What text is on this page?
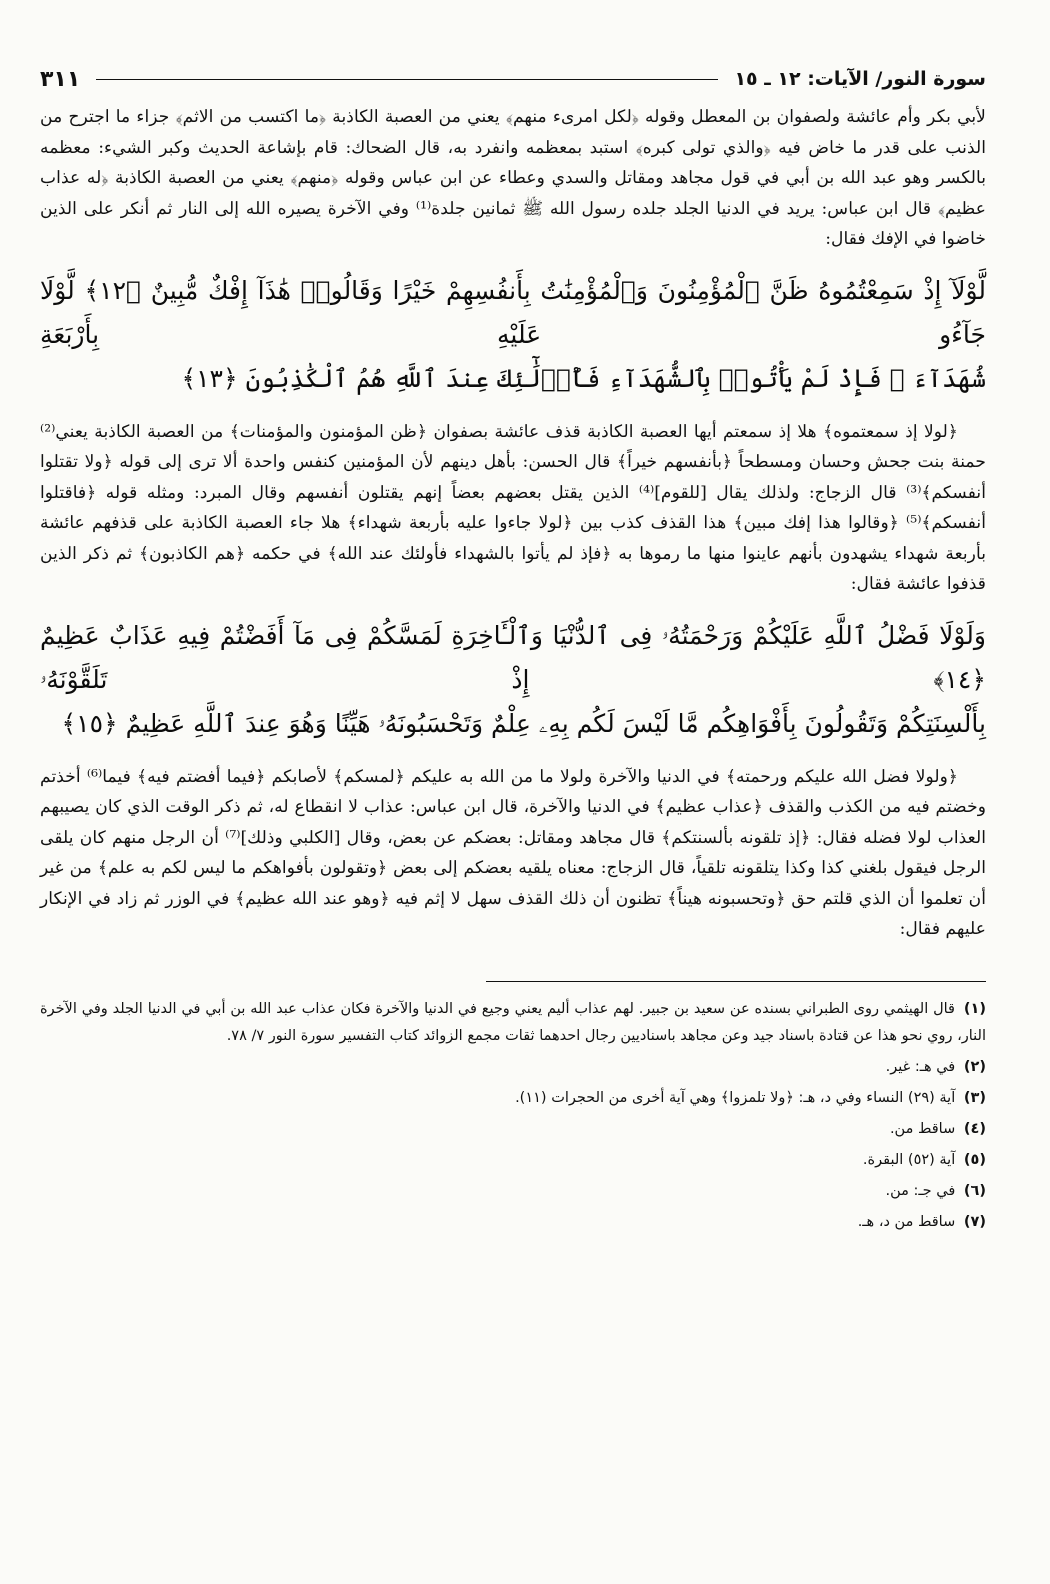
سورة النور/ الآيات: ١٢ ـ ١٥
٣١١

لأبي بكر وأم عائشة ولصفوان بن المعطل وقوله ﴿لكل امرىء منهم﴾ يعني من العصبة الكاذبة ﴿ما اكتسب من الاثم﴾ جزاء ما اجترح من الذنب على قدر ما خاض فيه ﴿والذي تولى كبره﴾ استبد بمعظمه وانفرد به، قال الضحاك: قام بإشاعة الحديث وكبر الشيء: معظمه بالكسر وهو عبد الله بن أبي في قول مجاهد ومقاتل والسدي وعطاء عن ابن عباس وقوله ﴿منهم﴾ يعني من العصبة الكاذبة ﴿له عذاب عظيم﴾ قال ابن عباس: يريد في الدنيا الجلد جلده رسول الله ﷺ ثمانين جلدة⁽¹⁾ وفي الآخرة يصيره الله إلى النار ثم أنكر على الذين خاضوا في الإفك فقال:

لَّوْلَآ إِذْ سَمِعْتُمُوهُ ظَنَّ ٱلْمُؤْمِنُونَ وَٱلْمُؤْمِنَٰتُ بِأَنفُسِهِمْ خَيْرًا وَقَالُوا۟ هَٰذَآ إِفْكٌ مُّبِينٌ ﴿١٢﴾ لَّوْلَا جَآءُو عَلَيْهِ بِأَرْبَعَةِ
شُهَدَآءَ ۚ فَإِذْ لَمْ يَأْتُوا۟ بِٱلشُّهَدَآءِ فَأُو۟لَٰٓئِكَ عِندَ ٱللَّهِ هُمُ ٱلْكَٰذِبُونَ ﴿١٣﴾

﴿لولا إذ سمعتموه﴾ هلا إذ سمعتم أيها العصبة الكاذبة قذف عائشة بصفوان ﴿ظن المؤمنون والمؤمنات﴾ من العصبة الكاذبة يعني⁽²⁾ حمنة بنت جحش وحسان ومسطحاً ﴿بأنفسهم خيراً﴾ قال الحسن: بأهل دينهم لأن المؤمنين كنفس واحدة ألا ترى إلى قوله ﴿ولا تقتلوا أنفسكم﴾⁽³⁾ قال الزجاج: ولذلك يقال [للقوم]⁽⁴⁾ الذين يقتل بعضهم بعضاً إنهم يقتلون أنفسهم وقال المبرد: ومثله قوله ﴿فاقتلوا أنفسكم﴾⁽⁵⁾ ﴿وقالوا هذا إفك مبين﴾ هذا القذف كذب بين ﴿لولا جاءوا عليه بأربعة شهداء﴾ هلا جاء العصبة الكاذبة على قذفهم عائشة بأربعة شهداء يشهدون بأنهم عاينوا منها ما رموها به ﴿فإذ لم يأتوا بالشهداء فأولئك عند الله﴾ في حكمه ﴿هم الكاذبون﴾ ثم ذكر الذين قذفوا عائشة فقال:

وَلَوْلَا فَضْلُ ٱللَّهِ عَلَيْكُمْ وَرَحْمَتُهُۥ فِى ٱلدُّنْيَا وَٱلْـَٔاخِرَةِ لَمَسَّكُمْ فِى مَآ أَفَضْتُمْ فِيهِ عَذَابٌ عَظِيمٌ ﴿١٤﴾ إِذْ تَلَقَّوْنَهُۥ
بِأَلْسِنَتِكُمْ وَتَقُولُونَ بِأَفْوَاهِكُم مَّا لَيْسَ لَكُم بِهِۦ عِلْمٌ وَتَحْسَبُونَهُۥ هَيِّنًا وَهُوَ عِندَ ٱللَّهِ عَظِيمٌ ﴿١٥﴾

﴿ولولا فضل الله عليكم ورحمته﴾ في الدنيا والآخرة ولولا ما من الله به عليكم ﴿لمسكم﴾ لأصابكم ﴿فيما أفضتم فيه﴾ فيما⁽⁶⁾ أخذتم وخضتم فيه من الكذب والقذف ﴿عذاب عظيم﴾ في الدنيا والآخرة، قال ابن عباس: عذاب لا انقطاع له، ثم ذكر الوقت الذي كان يصيبهم العذاب لولا فضله فقال: ﴿إذ تلقونه بألسنتكم﴾ قال مجاهد ومقاتل: بعضكم عن بعض، وقال [الكلبي وذلك]⁽⁷⁾ أن الرجل منهم كان يلقى الرجل فيقول بلغني كذا وكذا يتلقونه تلقياً، قال الزجاج: معناه يلقيه بعضكم إلى بعض ﴿وتقولون بأفواهكم ما ليس لكم به علم﴾ من غير أن تعلموا أن الذي قلتم حق ﴿وتحسبونه هيناً﴾ تظنون أن ذلك القذف سهل لا إثم فيه ﴿وهو عند الله عظيم﴾ في الوزر ثم زاد في الإنكار عليهم فقال:

(١) قال الهيثمي روى الطبراني بسنده عن سعيد بن جبير. لهم عذاب أليم يعني وجيع في الدنيا والآخرة فكان عذاب عبد الله بن أبي في الدنيا الجلد وفي الآخرة النار، روي نحو هذا عن قتادة باسناد جيد وعن مجاهد باسناديين رجال احدهما ثقات مجمع الزوائد كتاب التفسير سورة النور ٧/ ٧٨.

(٢) في هـ: غير.

(٣) آية (٢٩) النساء وفي د، هـ: ﴿ولا تلمزوا﴾ وهي آية أخرى من الحجرات (١١).

(٤) ساقط من.

(٥) آية (٥٢) البقرة.

(٦) في جـ: من.

(٧) ساقط من د، هـ.
